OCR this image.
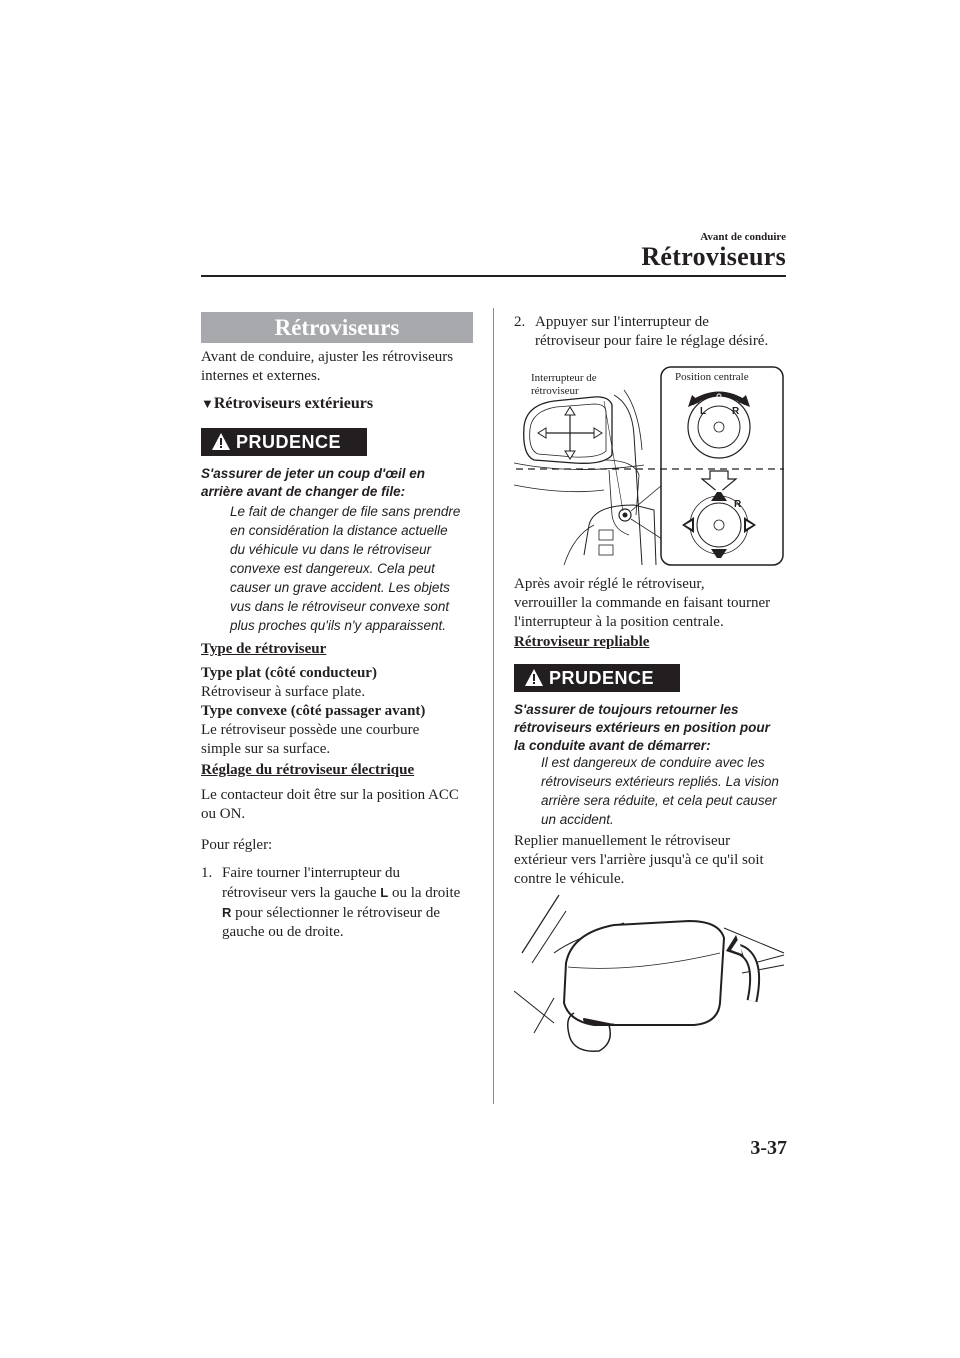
Avant de conduire
Rétroviseurs
Rétroviseurs
Avant de conduire, ajuster les rétroviseurs
internes et externes.
▼Rétroviseurs extérieurs
PRUDENCE
S'assurer de jeter un coup d'œil en
arrière avant de changer de file:
Le fait de changer de file sans prendre
en considération la distance actuelle
du véhicule vu dans le rétroviseur
convexe est dangereux. Cela peut
causer un grave accident. Les objets
vus dans le rétroviseur convexe sont
plus proches qu'ils n'y apparaissent.
Type de rétroviseur
Type plat (côté conducteur)
Rétroviseur à surface plate.
Type convexe (côté passager avant)
Le rétroviseur possède une courbure
simple sur sa surface.
Réglage du rétroviseur électrique
Le contacteur doit être sur la position ACC
ou ON.
Pour régler:
1. Faire tourner l'interrupteur du
rétroviseur vers la gauche L ou la droite
R pour sélectionner le rétroviseur de
gauche ou de droite.
2. Appuyer sur l'interrupteur de
rétroviseur pour faire le réglage désiré.
Interrupteur de
rétroviseur
Position centrale
L	R
R
Après avoir réglé le rétroviseur,
verrouiller la commande en faisant tourner
l'interrupteur à la position centrale.
Rétroviseur repliable
PRUDENCE
S'assurer de toujours retourner les
rétroviseurs extérieurs en position pour
la conduite avant de démarrer:
Il est dangereux de conduire avec les
rétroviseurs extérieurs repliés. La vision
arrière sera réduite, et cela peut causer
un accident.
Replier manuellement le rétroviseur
extérieur vers l'arrière jusqu'à ce qu'il soit
contre le véhicule.
3-37
